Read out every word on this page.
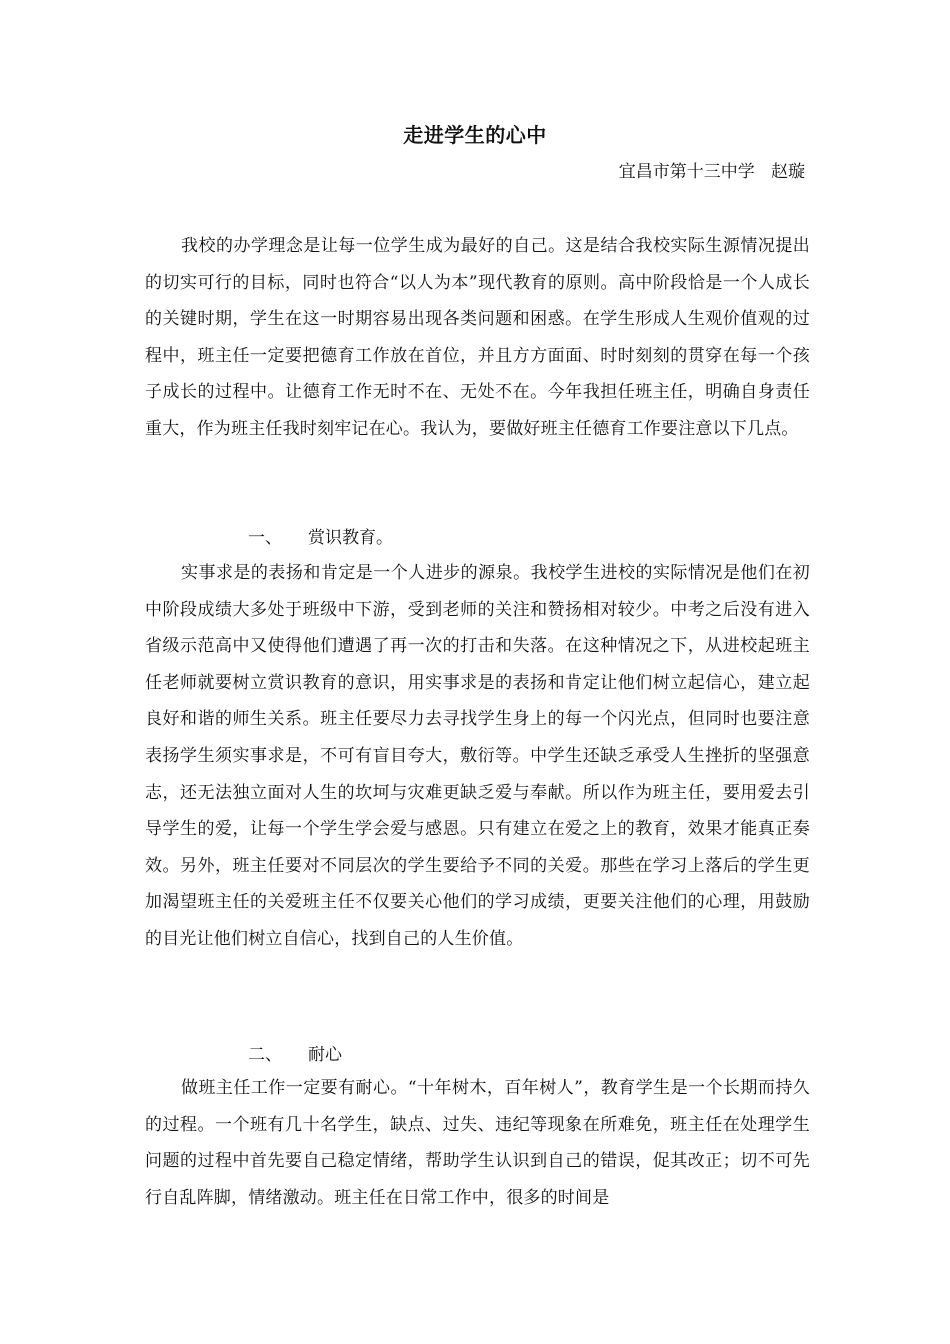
走进学生的心中

宜昌市第十三中学   赵璇

我校的办学理念是让每一位学生成为最好的自己。这是结合我校实际生源情况提出的切实可行的目标，同时也符合“以人为本”现代教育的原则。高中阶段恰是一个人成长的关键时期，学生在这一时期容易出现各类问题和困惑。在学生形成人生观价值观的过程中，班主任一定要把德育工作放在首位，并且方方面面、时时刻刻的贯穿在每一个孩子成长的过程中。让德育工作无时不在、无处不在。今年我担任班主任，明确自身责任重大，作为班主任我时刻牢记在心。我认为，要做好班主任德育工作要注意以下几点。

一、 赏识教育。

实事求是的表扬和肯定是一个人进步的源泉。我校学生进校的实际情况是他们在初中阶段成绩大多处于班级中下游，受到老师的关注和赞扬相对较少。中考之后没有进入省级示范高中又使得他们遭遇了再一次的打击和失落。在这种情况之下，从进校起班主任老师就要树立赏识教育的意识，用实事求是的表扬和肯定让他们树立起信心，建立起良好和谐的师生关系。班主任要尽力去寻找学生身上的每一个闪光点，但同时也要注意表扬学生须实事求是，不可有盲目夸大，敷衍等。中学生还缺乏承受人生挫折的坚强意志，还无法独立面对人生的坎坷与灾难更缺乏爱与奉献。所以作为班主任，要用爱去引导学生的爱，让每一个学生学会爱与感恩。只有建立在爱之上的教育，效果才能真正奏效。另外，班主任要对不同层次的学生要给予不同的关爱。那些在学习上落后的学生更加渴望班主任的关爱班主任不仅要关心他们的学习成绩，更要关注他们的心理，用鼓励的目光让他们树立自信心，找到自己的人生价值。

二、 耐心

做班主任工作一定要有耐心。“十年树木，百年树人”，教育学生是一个长期而持久的过程。一个班有几十名学生，缺点、过失、违纪等现象在所难免，班主任在处理学生问题的过程中首先要自己稳定情绪，帮助学生认识到自己的错误，促其改正；切不可先行自乱阵脚，情绪激动。班主任在日常工作中，很多的时间是
